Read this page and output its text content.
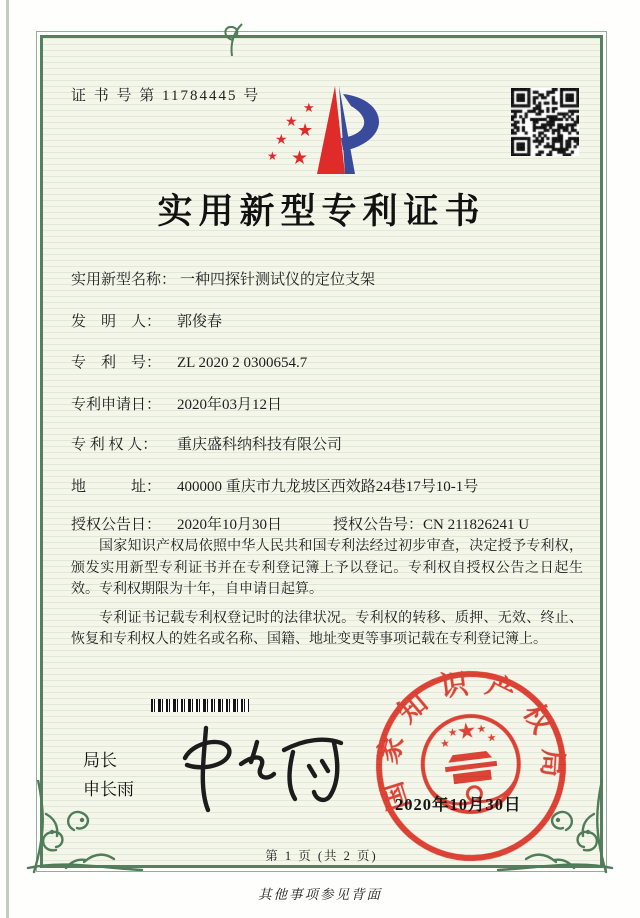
证 书 号 第 11784445 号
★
★ ★
★
★ ★
实用新型专利证书
实用新型名称： 一种四探针测试仪的定位支架
发　明　人： 郭俊春
专　利　号： ZL 2020 2 0300654.7
专利申请日： 2020年03月12日
专 利 权 人： 重庆盛科纳科技有限公司
地　　　址： 400000 重庆市九龙坡区西效路24巷17号10-1号
授权公告日： 2020年10月30日	授权公告号：CN 211826241 U

国家知识产权局依照中华人民共和国专利法经过初步审查，决定授予专利权，颁发实用新型专利证书并在专利登记簿上予以登记。专利权自授权公告之日起生效。专利权期限为十年，自申请日起算。

专利证书记载专利权登记时的法律状况。专利权的转移、质押、无效、终止、恢复和专利权人的姓名或名称、国籍、地址变更等事项记载在专利登记簿上。

局长
申长雨	国家知识产权局
★
★
★ ★
★
2020年10月30日
第 1 页 (共 2 页)
其他事项参见背面
